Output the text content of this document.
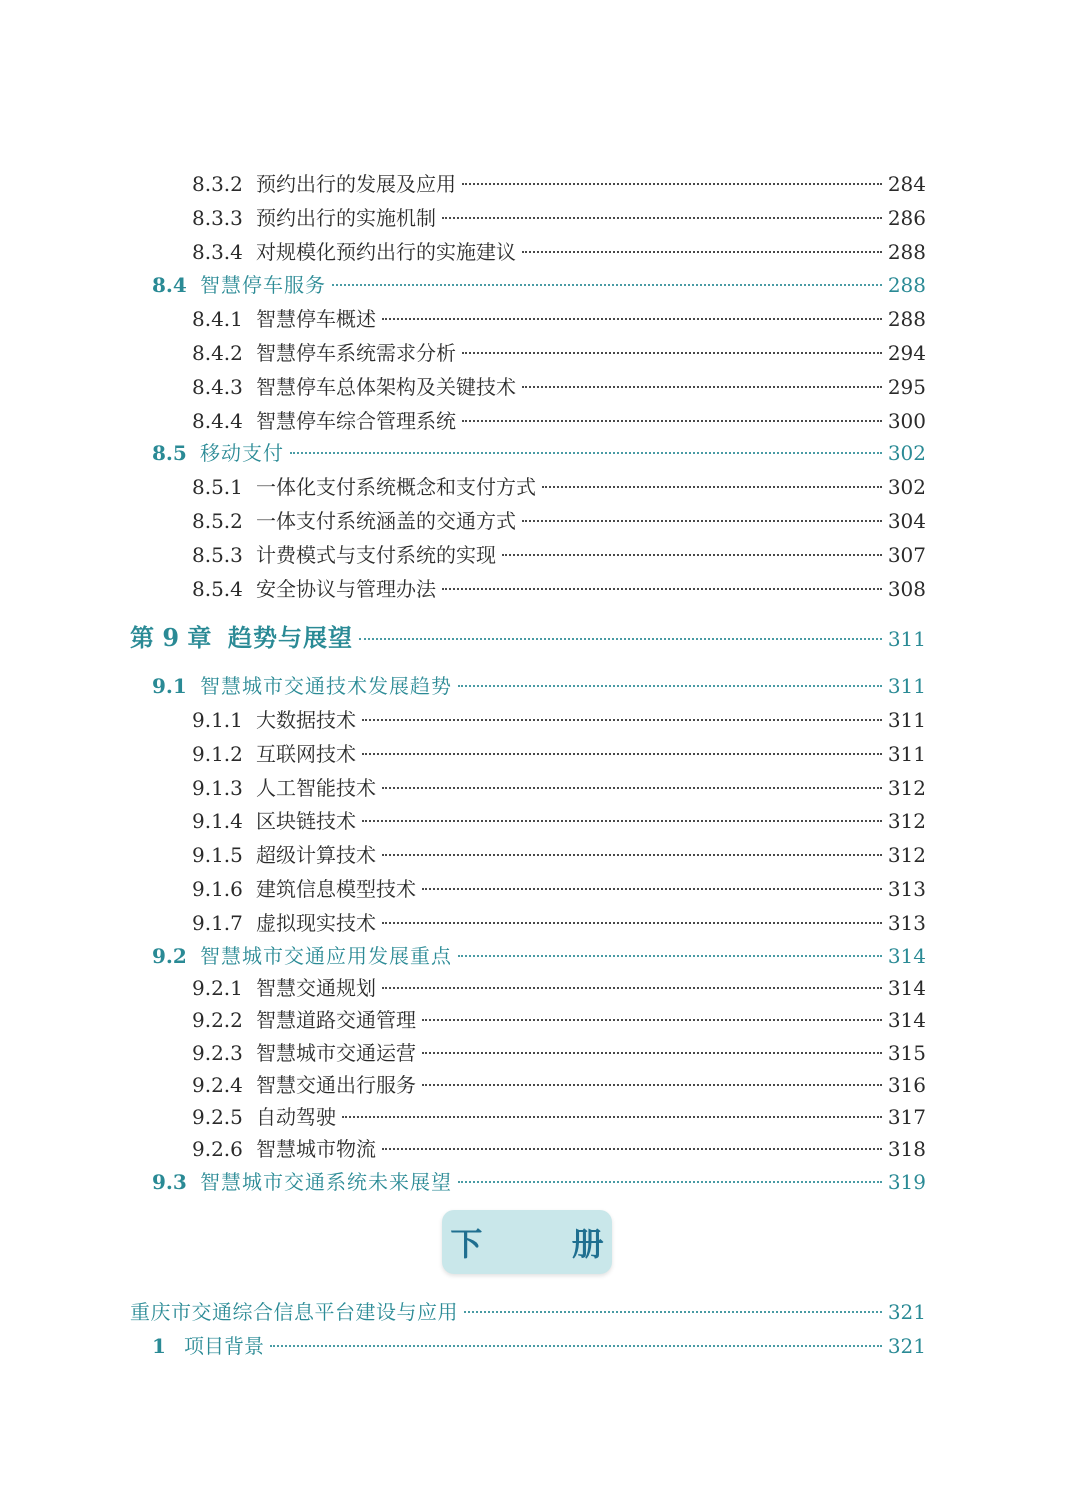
8.3.2 预约出行的发展及应用	284
8.3.3 预约出行的实施机制	286
8.3.4 对规模化预约出行的实施建议	288
8.4 智慧停车服务	288
8.4.1 智慧停车概述	288
8.4.2 智慧停车系统需求分析	294
8.4.3 智慧停车总体架构及关键技术	295
8.4.4 智慧停车综合管理系统	300
8.5 移动支付	302
8.5.1 一体化支付系统概念和支付方式	302
8.5.2 一体支付系统涵盖的交通方式	304
8.5.3 计费模式与支付系统的实现	307
8.5.4 安全协议与管理办法	308
第 9 章 趋势与展望	311
9.1 智慧城市交通技术发展趋势	311
9.1.1 大数据技术	311
9.1.2 互联网技术	311
9.1.3 人工智能技术	312
9.1.4 区块链技术	312
9.1.5 超级计算技术	312
9.1.6 建筑信息模型技术	313
9.1.7 虚拟现实技术	313
9.2 智慧城市交通应用发展重点	314
9.2.1 智慧交通规划	314
9.2.2 智慧道路交通管理	314
9.2.3 智慧城市交通运营	315
9.2.4 智慧交通出行服务	316
9.2.5 自动驾驶	317
9.2.6 智慧城市物流	318
9.3 智慧城市交通系统未来展望	319
重庆市交通综合信息平台建设与应用	321
1 项目背景	321
下
	册
